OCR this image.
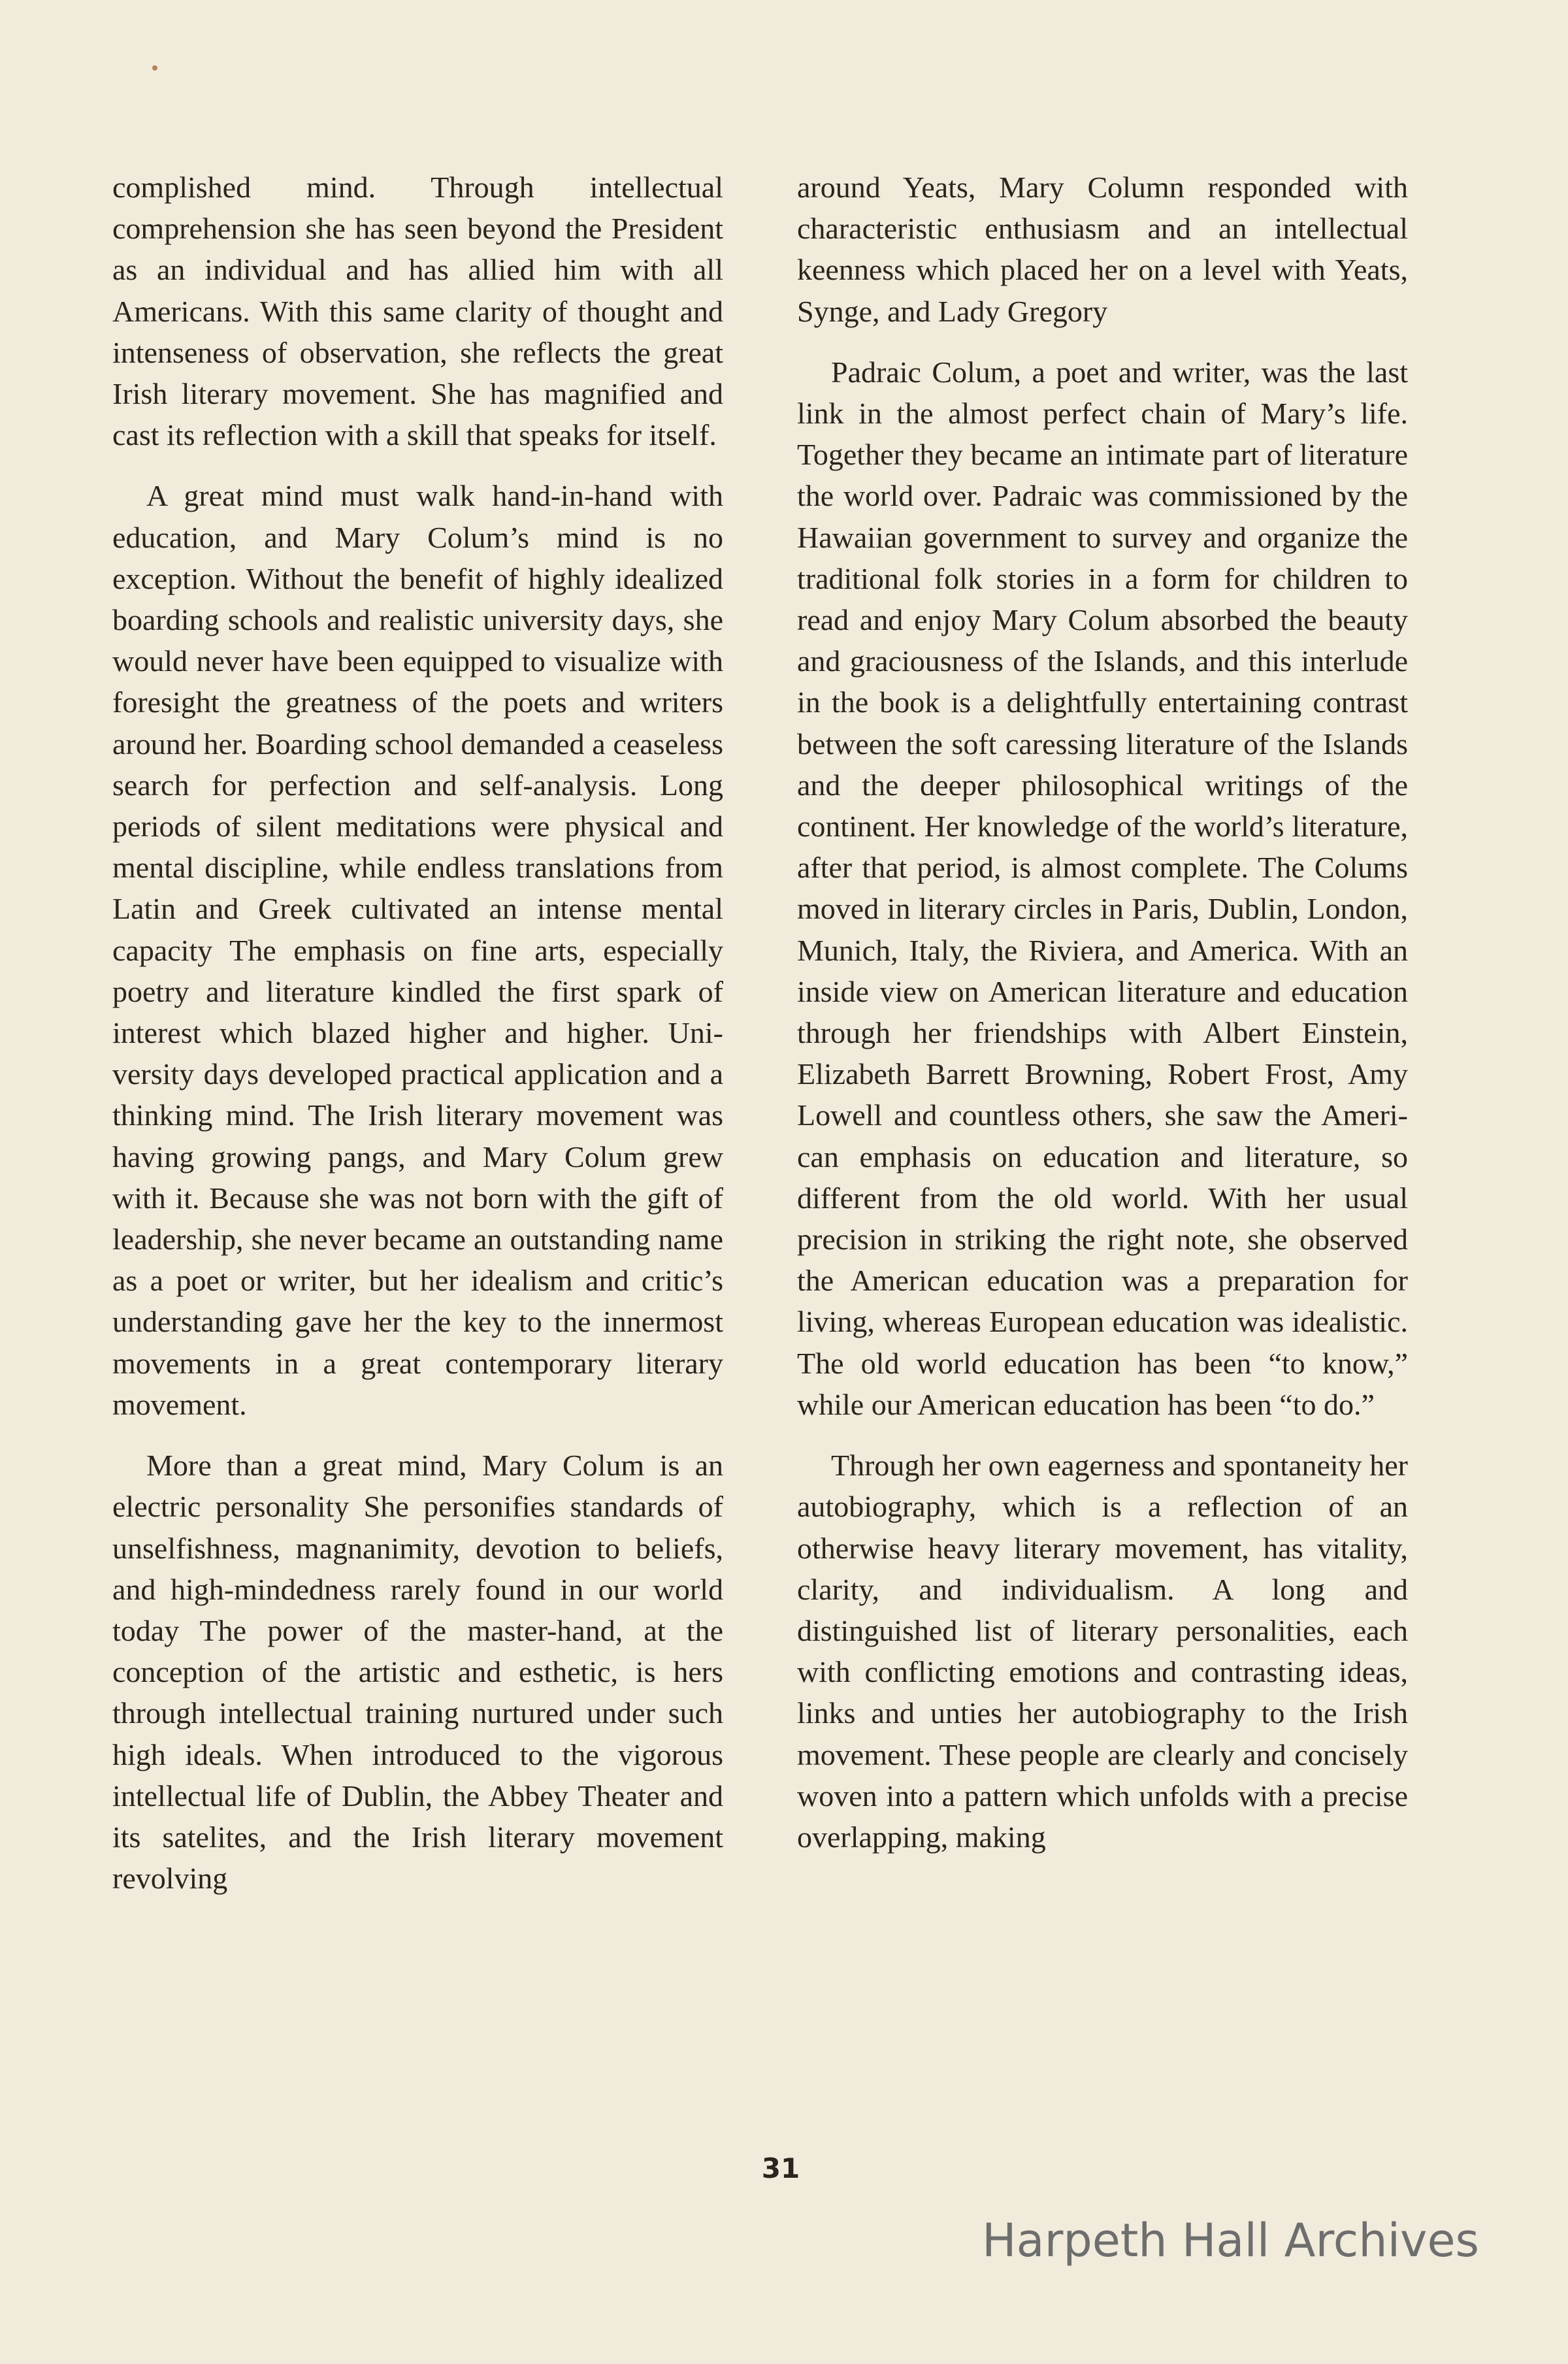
complished mind. Through intellectual comprehension she has seen beyond the President as an individual and has allied him with all Americans. With this same clarity of thought and intenseness of observation, she reflects the great Irish literary movement. She has magnified and cast its reflection with a skill that speaks for itself.

A great mind must walk hand-in-hand with education, and Mary Colum’s mind is no exception. Without the benefit of highly idealized boarding schools and realistic university days, she would never have been equipped to visualize with foresight the greatness of the poets and writers around her. Boarding school demanded a ceaseless search for perfection and self-analysis. Long periods of silent meditations were physical and mental discipline, while endless translations from Latin and Greek cultivated an intense mental capacity The emphasis on fine arts, especially poetry and literature kindled the first spark of interest which blazed higher and higher. University days developed practical application and a thinking mind. The Irish literary movement was having growing pangs, and Mary Colum grew with it. Because she was not born with the gift of leadership, she never became an outstanding name as a poet or writer, but her idealism and critic’s understanding gave her the key to the innermost movements in a great contemporary literary movement.

More than a great mind, Mary Colum is an electric personality She personifies standards of unselfishness, magnanimity, devotion to beliefs, and high-mindedness rarely found in our world today The power of the master-hand, at the conception of the artistic and esthetic, is hers through intellectual training nurtured under such high ideals. When introduced to the vigorous intellectual life of Dublin, the Abbey Theater and its satelites, and the Irish literary movement revolving

around Yeats, Mary Column responded with characteristic enthusiasm and an intellectual keenness which placed her on a level with Yeats, Synge, and Lady Gregory

Padraic Colum, a poet and writer, was the last link in the almost perfect chain of Mary’s life. Together they became an intimate part of literature the world over. Padraic was commissioned by the Hawaiian government to survey and organize the traditional folk stories in a form for children to read and enjoy Mary Colum absorbed the beauty and graciousness of the Islands, and this interlude in the book is a delightfully entertaining contrast between the soft caressing literature of the Islands and the deeper philosophical writings of the continent. Her knowledge of the world’s literature, after that period, is almost complete. The Colums moved in literary circles in Paris, Dublin, London, Munich, Italy, the Riviera, and America. With an inside view on American literature and education through her friendships with Albert Einstein, Elizabeth Barrett Browning, Robert Frost, Amy Lowell and countless others, she saw the American emphasis on education and literature, so different from the old world. With her usual precision in striking the right note, she observed the American education was a preparation for living, whereas European education was idealistic. The old world education has been “to know,” while our American education has been “to do.”

Through her own eagerness and spontaneity her autobiography, which is a reflection of an otherwise heavy literary movement, has vitality, clarity, and individualism. A long and distinguished list of literary personalities, each with conflicting emotions and contrasting ideas, links and unties her autobiography to the Irish movement. These people are clearly and concisely woven into a pattern which unfolds with a precise overlapping, making

31
Harpeth Hall Archives
